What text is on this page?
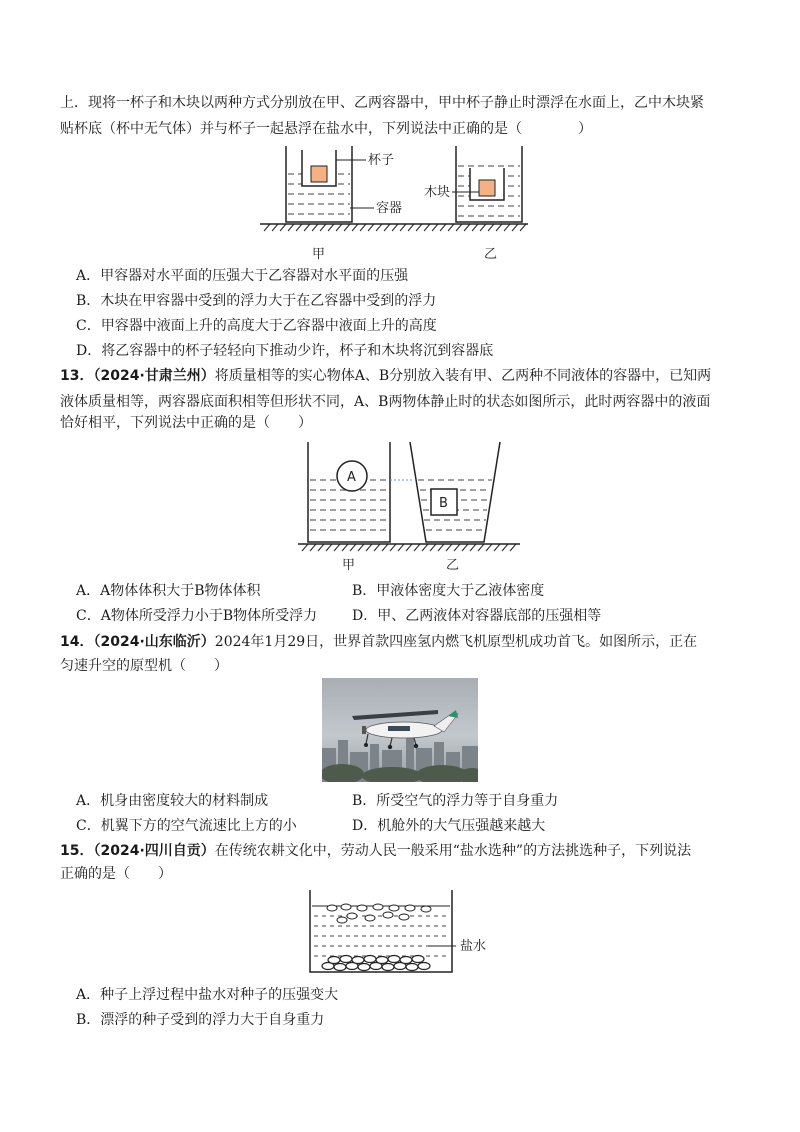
上．现将一杯子和木块以两种方式分别放在甲、乙两容器中，甲中杯子静止时漂浮在水面上，乙中木块紧
贴杯底（杯中无气体）并与杯子一起悬浮在盐水中，下列说法中正确的是（　　　　）
杯子
容器
木块
甲	乙
A．甲容器对水平面的压强大于乙容器对水平面的压强
B．木块在甲容器中受到的浮力大于在乙容器中受到的浮力
C．甲容器中液面上升的高度大于乙容器中液面上升的高度
D．将乙容器中的杯子轻轻向下推动少许，杯子和木块将沉到容器底
13．（2024·甘肃兰州）将质量相等的实心物体A、B分别放入装有甲、乙两种不同液体的容器中，已知两
液体质量相等，两容器底面积相等但形状不同，A、B两物体静止时的状态如图所示，此时两容器中的液面
恰好相平，下列说法中正确的是（　　）
A
B
甲	乙
A．A物体体积大于B物体体积	B．甲液体密度大于乙液体密度
C．A物体所受浮力小于B物体所受浮力 D．甲、乙两液体对容器底部的压强相等
14．（2024·山东临沂）2024年1月29日，世界首款四座氢内燃飞机原型机成功首飞。如图所示，正在
匀速升空的原型机（　　）
A．机身由密度较大的材料制成	B．所受空气的浮力等于自身重力
C．机翼下方的空气流速比上方的小	D．机舱外的大气压强越来越大
15．（2024·四川自贡）在传统农耕文化中，劳动人民一般采用“盐水选种”的方法挑选种子，下列说法
正确的是（　　）
盐水
A．种子上浮过程中盐水对种子的压强变大
B．漂浮的种子受到的浮力大于自身重力
